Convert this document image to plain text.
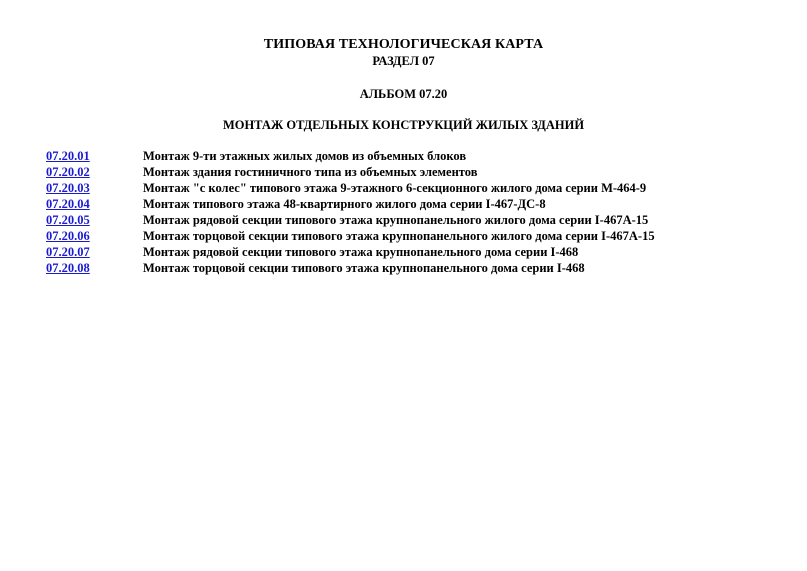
ТИПОВАЯ ТЕХНОЛОГИЧЕСКАЯ КАРТА
РАЗДЕЛ 07
АЛЬБОМ 07.20
МОНТАЖ ОТДЕЛЬНЫХ КОНСТРУКЦИЙ ЖИЛЫХ ЗДАНИЙ
07.20.01	Монтаж 9-ти этажных жилых домов из объемных блоков
07.20.02	Монтаж здания гостиничного типа из объемных элементов
07.20.03	Монтаж "с колес" типового этажа 9-этажного 6-секционного жилого дома серии М-464-9
07.20.04	Монтаж типового этажа 48-квартирного жилого дома серии I-467-ДС-8
07.20.05	Монтаж рядовой секции типового этажа крупнопанельного жилого дома серии I-467А-15
07.20.06	Монтаж торцовой секции типового этажа крупнопанельного жилого дома серии I-467А-15
07.20.07	Монтаж рядовой секции типового этажа крупнопанельного дома серии I-468
07.20.08	Монтаж торцовой секции типового этажа крупнопанельного дома серии I-468
